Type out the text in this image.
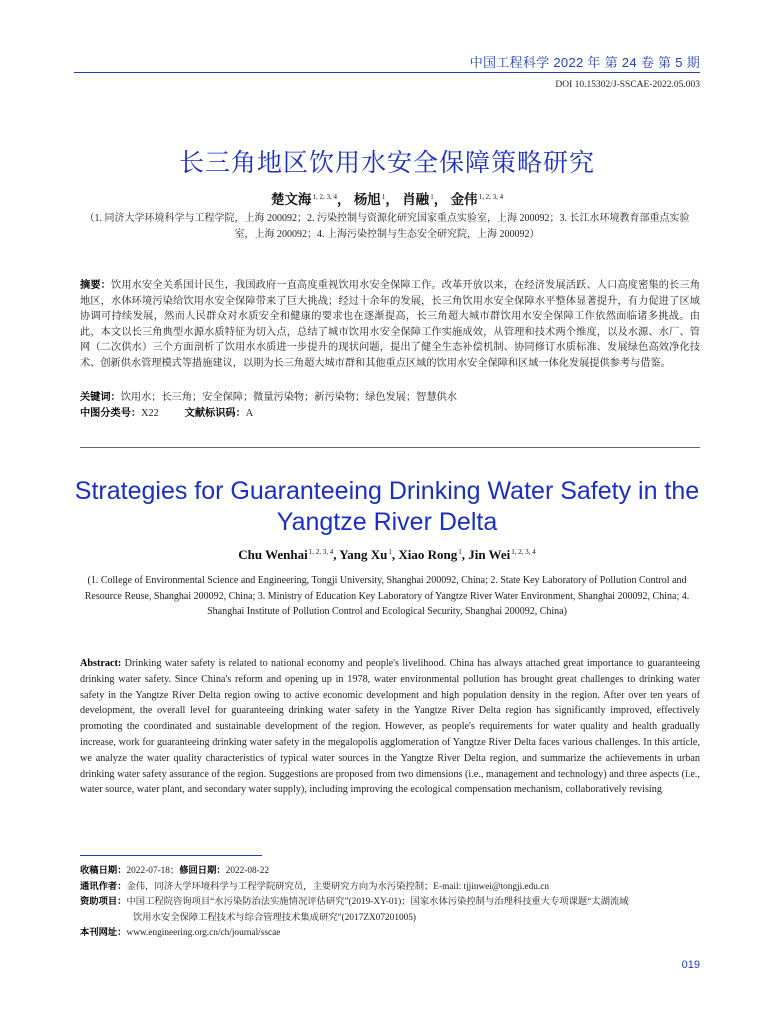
中国工程科学 2022 年 第 24 卷 第 5 期
DOI 10.15302/J-SSCAE-2022.05.003
长三角地区饮用水安全保障策略研究
楚文海$^{1, 2, 3, 4}$， 杨旭$^1$， 肖融$^1$， 金伟$^{1, 2, 3, 4}$
（1. 同济大学环境科学与工程学院，上海 200092；2. 污染控制与资源化研究国家重点实验室，上海 200092；3. 长江水环境教育部重点实验室，上海 200092；4. 上海污染控制与生态安全研究院，上海 200092）
摘要：饮用水安全关系国计民生，我国政府一直高度重视饮用水安全保障工作。改革开放以来，在经济发展活跃、人口高度密集的长三角地区，水体环境污染给饮用水安全保障带来了巨大挑战；经过十余年的发展，长三角饮用水安全保障水平整体显著提升，有力促进了区域协调可持续发展，然而人民群众对水质安全和健康的要求也在逐渐提高，长三角超大城市群饮用水安全保障工作依然面临诸多挑战。由此，本文以长三角典型水源水质特征为切入点，总结了城市饮用水安全保障工作实施成效，从管理和技术两个维度，以及水源、水厂、管网（二次供水）三个方面剖析了饮用水水质进一步提升的现状问题，提出了健全生态补偿机制、协同修订水质标准、发展绿色高效净化技术、创新供水管理模式等措施建议，以期为长三角超大城市群和其他重点区域的饮用水安全保障和区域一体化发展提供参考与借鉴。
关键词：饮用水；长三角；安全保障；微量污染物；新污染物；绿色发展；智慧供水
中图分类号：X22	文献标识码：A
Strategies for Guaranteeing Drinking Water Safety in the Yangtze River Delta
Chu Wenhai$^{1, 2, 3, 4}$, Yang Xu$^1$, Xiao Rong$^1$, Jin Wei$^{1, 2, 3, 4}$
(1. College of Environmental Science and Engineering, Tongji University, Shanghai 200092, China; 2. State Key Laboratory of Pollution Control and Resource Reuse, Shanghai 200092, China; 3. Ministry of Education Key Laboratory of Yangtze River Water Environment, Shanghai 200092, China; 4. Shanghai Institute of Pollution Control and Ecological Security, Shanghai 200092, China)
Abstract: Drinking water safety is related to national economy and people's livelihood. China has always attached great importance to guaranteeing drinking water safety. Since China's reform and opening up in 1978, water environmental pollution has brought great challenges to drinking water safety in the Yangtze River Delta region owing to active economic development and high population density in the region. After over ten years of development, the overall level for guaranteeing drinking water safety in the Yangtze River Delta region has significantly improved, effectively promoting the coordinated and sustainable development of the region. However, as people's requirements for water quality and health gradually increase, work for guaranteeing drinking water safety in the megalopolis agglomeration of Yangtze River Delta faces various challenges. In this article, we analyze the water quality characteristics of typical water sources in the Yangtze River Delta region, and summarize the achievements in urban drinking water safety assurance of the region. Suggestions are proposed from two dimensions (i.e., management and technology) and three aspects (i.e., water source, water plant, and secondary water supply), including improving the ecological compensation mechanism, collaboratively revising
收稿日期： 2022-07-18； 修回日期： 2022-08-22
通讯作者： 金伟，同济大学环境科学与工程学院研究员，主要研究方向为水污染控制；E-mail: tjjinwei@tongji.edu.cn
资助项目： 中国工程院咨询项目“水污染防治法实施情况评估研究”(2019-XY-01)；国家水体污染控制与治理科技重大专项课题“太湖流域
饮用水安全保障工程技术与综合管理技术集成研究”(2017ZX07201005)
本刊网址： www.engineering.org.cn/ch/journal/sscae
019
